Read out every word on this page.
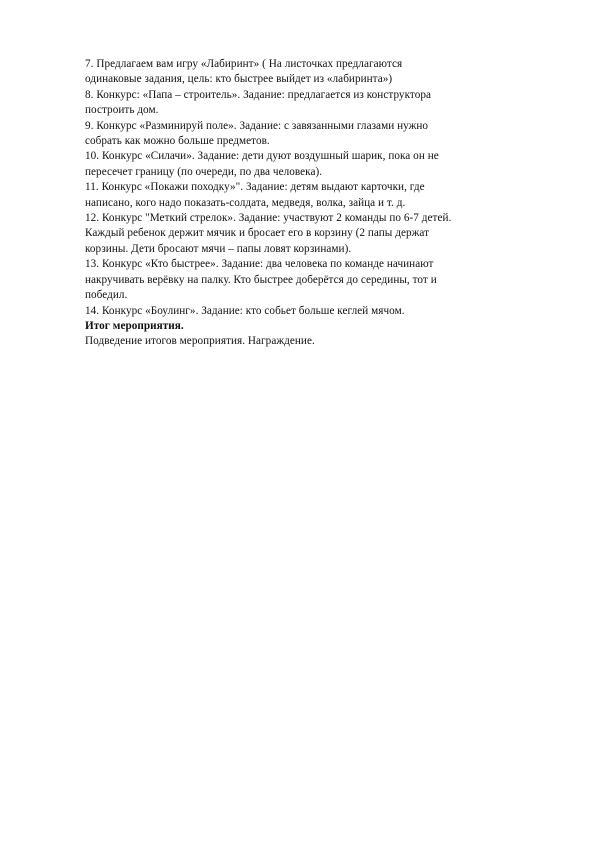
7. Предлагаем вам игру «Лабиринт» ( На листочках предлагаются
одинаковые задания, цель: кто быстрее выйдет из «лабиринта»)
8. Конкурс: «Папа – строитель». Задание: предлагается из конструктора
построить дом.
9. Конкурс «Разминируй поле». Задание: с завязанными глазами нужно
собрать как можно больше предметов.
10. Конкурс «Силачи». Задание: дети дуют воздушный шарик, пока он не
пересечет границу (по очереди, по два человека).
11. Конкурс «Покажи походку»". Задание: детям выдают карточки, где
написано, кого надо показать-солдата, медведя, волка, зайца и т. д.
12. Конкурс "Меткий стрелок». Задание: участвуют 2 команды по 6-7 детей.
Каждый ребенок держит мячик и бросает его в корзину (2 папы держат
корзины. Дети бросают мячи – папы ловят корзинами).
13. Конкурс «Кто быстрее». Задание: два человека по команде начинают
накручивать верёвку на палку. Кто быстрее доберётся до середины, тот и
победил.
14. Конкурс «Боулинг». Задание: кто собьет больше кеглей мячом.
Итог мероприятия.
Подведение итогов мероприятия. Награждение.
